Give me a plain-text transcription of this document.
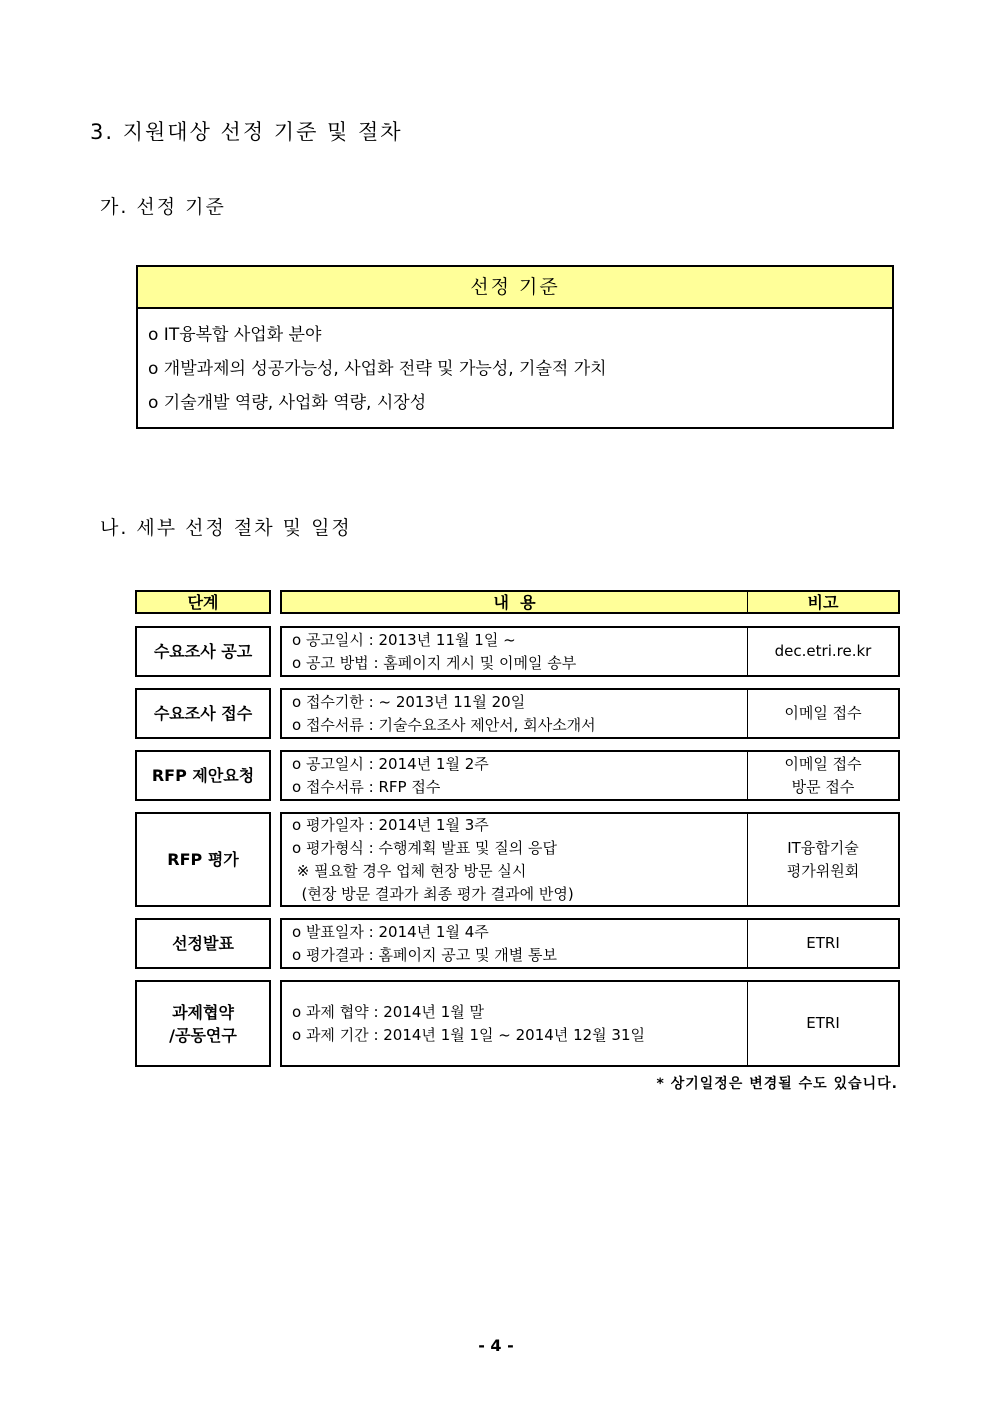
3. 지원대상 선정 기준 및 절차
가. 선정 기준
선정 기준
o IT융복합 사업화 분야
o 개발과제의 성공가능성, 사업화 전략 및 가능성, 기술적 가치
o 기술개발 역량, 사업화 역량, 시장성
나. 세부 선정 절차 및 일정
단계	내  용	비고
수요조사 공고
o 공고일시 : 2013년 11월 1일 ~
o 공고 방법 : 홈페이지 게시 및 이메일 송부
dec.etri.re.kr
수요조사 접수
o 접수기한 : ~ 2013년 11월 20일
o 접수서류 : 기술수요조사 제안서, 회사소개서
이메일 접수
RFP 제안요청
o 공고일시 : 2014년 1월 2주
o 접수서류 : RFP 접수
이메일 접수
방문 접수
RFP 평가
o 평가일자 : 2014년 1월 3주
o 평가형식 : 수행계획 발표 및 질의 응답
※ 필요할 경우 업체 현장 방문 실시
(현장 방문 결과가 최종 평가 결과에 반영)
IT융합기술
평가위원회
선정발표
o 발표일자 : 2014년 1월 4주
o 평가결과 : 홈페이지 공고 및 개별 통보
ETRI
과제협약
/공동연구
o 과제 협약 : 2014년 1월 말
o 과제 기간 : 2014년 1월 1일 ~ 2014년 12월 31일
ETRI
* 상기일정은 변경될 수도 있습니다.
- 4 -
